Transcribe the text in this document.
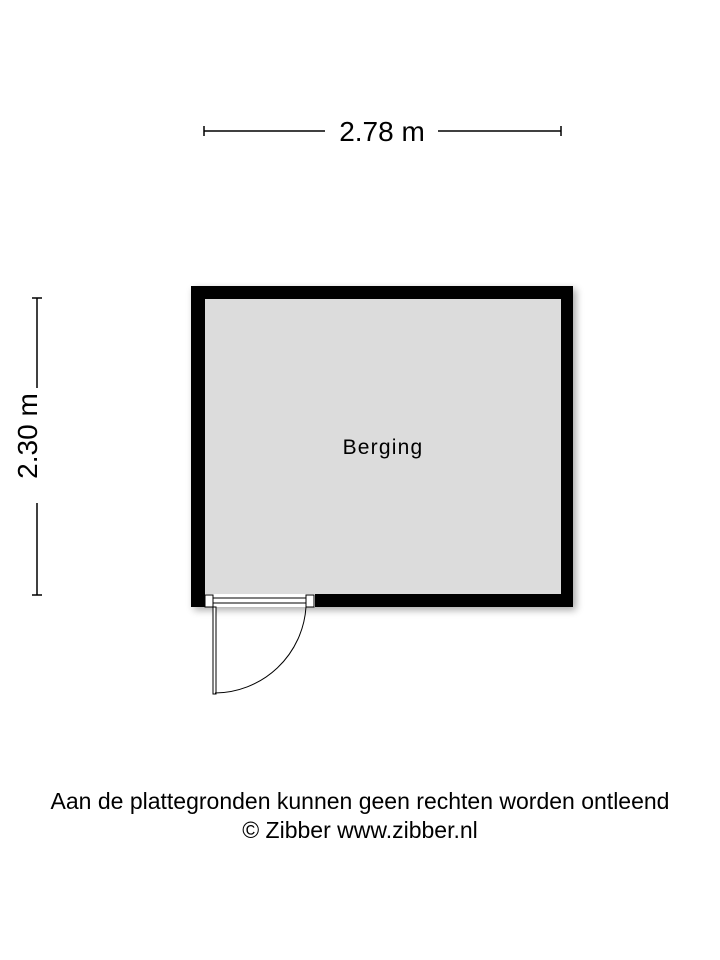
2.78 m
2.30 m	Berging
Aan de plattegronden kunnen geen rechten worden ontleend
© Zibber www.zibber.nl
